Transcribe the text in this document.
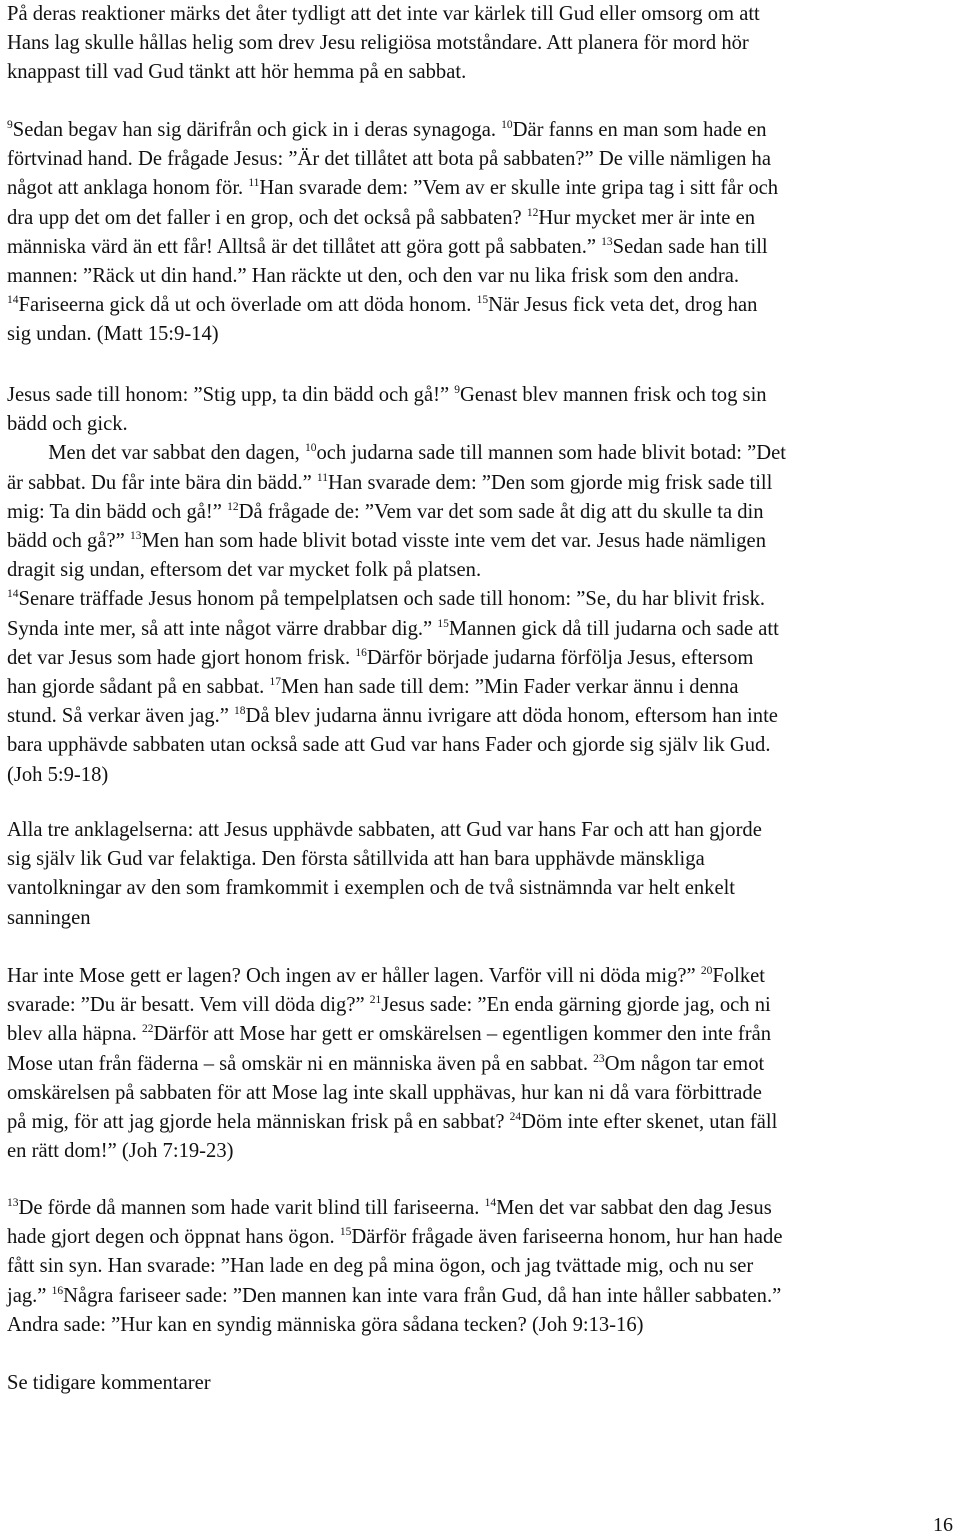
På deras reaktioner märks det åter tydligt att det inte var kärlek till Gud eller omsorg om att
Hans lag skulle hållas helig som drev Jesu religiösa motståndare. Att planera för mord hör
knappast till vad Gud tänkt att hör hemma på en sabbat.
$^9$Sedan begav han sig därifrån och gick in i deras synagoga. $^{10}$Där fanns en man som hade en
förtvinad hand. De frågade Jesus: ”Är det tillåtet att bota på sabbaten?” De ville nämligen ha
något att anklaga honom för. $^{11}$Han svarade dem: ”Vem av er skulle inte gripa tag i sitt får och
dra upp det om det faller i en grop, och det också på sabbaten? $^{12}$Hur mycket mer är inte en
människa värd än ett får! Alltså är det tillåtet att göra gott på sabbaten.” $^{13}$Sedan sade han till
mannen: ”Räck ut din hand.” Han räckte ut den, och den var nu lika frisk som den andra.
$^{14}$Fariseerna gick då ut och överlade om att döda honom. $^{15}$När Jesus fick veta det, drog han
sig undan. (Matt 15:9-14)
Jesus sade till honom: ”Stig upp, ta din bädd och gå!” $^9$Genast blev mannen frisk och tog sin
bädd och gick.
Men det var sabbat den dagen, $^{10}$och judarna sade till mannen som hade blivit botad: ”Det
är sabbat. Du får inte bära din bädd.” $^{11}$Han svarade dem: ”Den som gjorde mig frisk sade till
mig: Ta din bädd och gå!” $^{12}$Då frågade de: ”Vem var det som sade åt dig att du skulle ta din
bädd och gå?” $^{13}$Men han som hade blivit botad visste inte vem det var. Jesus hade nämligen
dragit sig undan, eftersom det var mycket folk på platsen.
$^{14}$Senare träffade Jesus honom på tempelplatsen och sade till honom: ”Se, du har blivit frisk.
Synda inte mer, så att inte något värre drabbar dig.” $^{15}$Mannen gick då till judarna och sade att
det var Jesus som hade gjort honom frisk. $^{16}$Därför började judarna förfölja Jesus, eftersom
han gjorde sådant på en sabbat. $^{17}$Men han sade till dem: ”Min Fader verkar ännu i denna
stund. Så verkar även jag.” $^{18}$Då blev judarna ännu ivrigare att döda honom, eftersom han inte
bara upphävde sabbaten utan också sade att Gud var hans Fader och gjorde sig själv lik Gud.
(Joh 5:9-18)
Alla tre anklagelserna: att Jesus upphävde sabbaten, att Gud var hans Far och att han gjorde
sig själv lik Gud var felaktiga. Den första såtillvida att han bara upphävde mänskliga
vantolkningar av den som framkommit i exemplen och de två sistnämnda var helt enkelt
sanningen
Har inte Mose gett er lagen? Och ingen av er håller lagen. Varför vill ni döda mig?” $^{20}$Folket
svarade: ”Du är besatt. Vem vill döda dig?” $^{21}$Jesus sade: ”En enda gärning gjorde jag, och ni
blev alla häpna. $^{22}$Därför att Mose har gett er omskärelsen – egentligen kommer den inte från
Mose utan från fäderna – så omskär ni en människa även på en sabbat. $^{23}$Om någon tar emot
omskärelsen på sabbaten för att Mose lag inte skall upphävas, hur kan ni då vara förbittrade
på mig, för att jag gjorde hela människan frisk på en sabbat? $^{24}$Döm inte efter skenet, utan fäll
en rätt dom!” (Joh 7:19-23)
$^{13}$De förde då mannen som hade varit blind till fariseerna. $^{14}$Men det var sabbat den dag Jesus
hade gjort degen och öppnat hans ögon. $^{15}$Därför frågade även fariseerna honom, hur han hade
fått sin syn. Han svarade: ”Han lade en deg på mina ögon, och jag tvättade mig, och nu ser
jag.” $^{16}$Några fariseer sade: ”Den mannen kan inte vara från Gud, då han inte håller sabbaten.”
Andra sade: ”Hur kan en syndig människa göra sådana tecken? (Joh 9:13-16)
Se tidigare kommentarer
16
